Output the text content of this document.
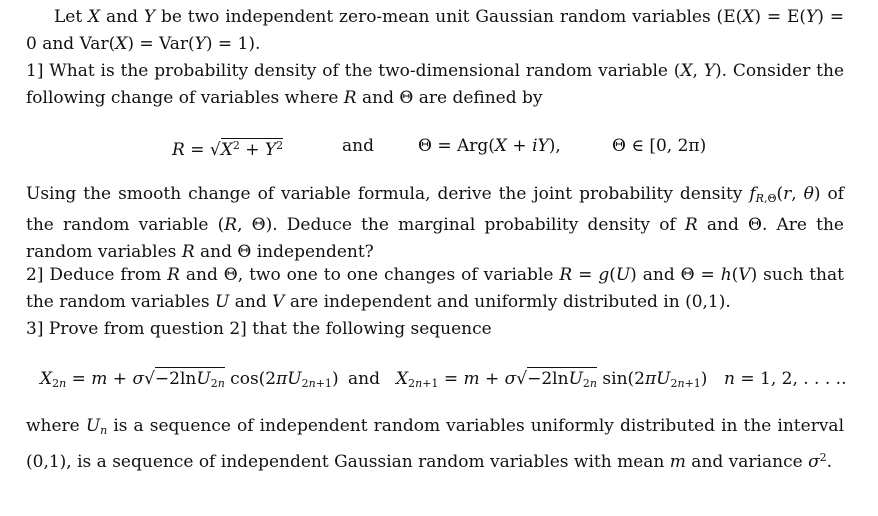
Let X and Y be two independent zero-mean unit Gaussian random variables (E(X) = E(Y) = 0 and Var(X) = Var(Y) = 1).
1] What is the probability density of the two-dimensional random variable (X, Y). Consider the following change of variables where R and Θ are defined by
$R = √X^2 + Y^2$	and	Θ = Arg(X + iY),	Θ ∈ [0, 2π)
Using the smooth change of variable formula, derive the joint probability density $f_{R,\Theta}(r$, θ) of the random variable (R, Θ). Deduce the marginal probability density of R and Θ. Are the random variables R and Θ independent?
2] Deduce from R and Θ, two one to one changes of variable R = g(U) and Θ = h(V) such that the random variables U and V are independent and uniformly distributed in (0,1).
3] Prove from question 2] that the following sequence
$X_{2n} = m + \sigma√-2\ln U_{2n}$ $\cos(2\pi U_{2n+1})$ and $X_{2n+1} = m + \sigma√-2\ln U_{2n}$ $\sin(2\pi U_{2n+1}) n = 1$, 2, . . . ..
where $U_n$ is a sequence of independent random variables uniformly distributed in the interval (0,1), is a sequence of independent Gaussian random variables with mean m and variance $\sigma^2$.
